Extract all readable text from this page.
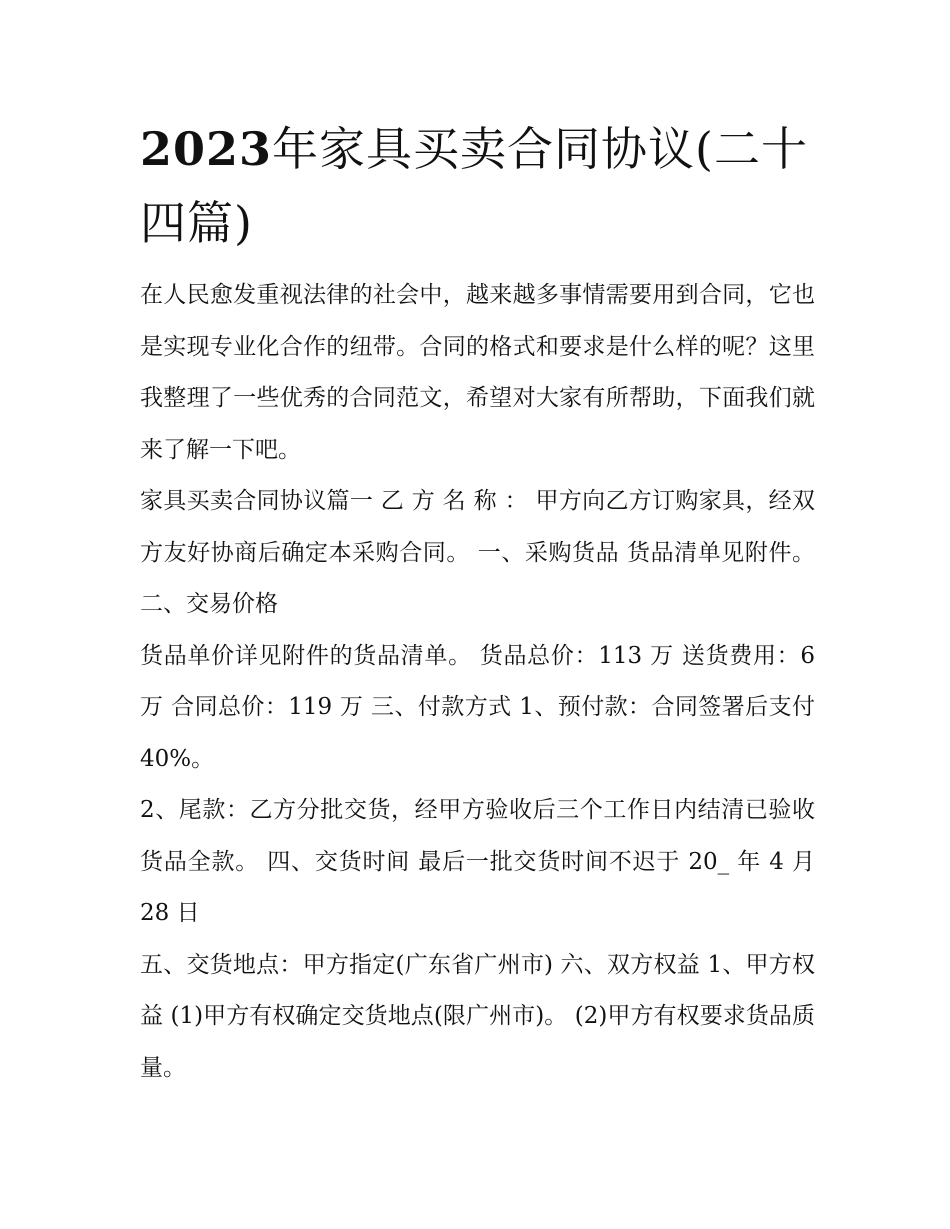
2023年家具买卖合同协议(二十四篇)

在人民愈发重视法律的社会中，越来越多事情需要用到合同，它也是实现专业化合作的纽带。合同的格式和要求是什么样的呢？这里我整理了一些优秀的合同范文，希望对大家有所帮助，下面我们就来了解一下吧。

家具买卖合同协议篇一 乙 方 名 称 ： 甲方向乙方订购家具，经双方友好协商后确定本采购合同。 一、采购货品 货品清单见附件。 二、交易价格

货品单价详见附件的货品清单。 货品总价：113 万 送货费用：6 万 合同总价：119 万 三、付款方式 1、预付款：合同签署后支付 40%。

2、尾款：乙方分批交货，经甲方验收后三个工作日内结清已验收货品全款。 四、交货时间 最后一批交货时间不迟于 20_ 年 4 月 28 日

五、交货地点：甲方指定(广东省广州市) 六、双方权益 1、甲方权益 (1)甲方有权确定交货地点(限广州市)。 (2)甲方有权要求货品质量。
